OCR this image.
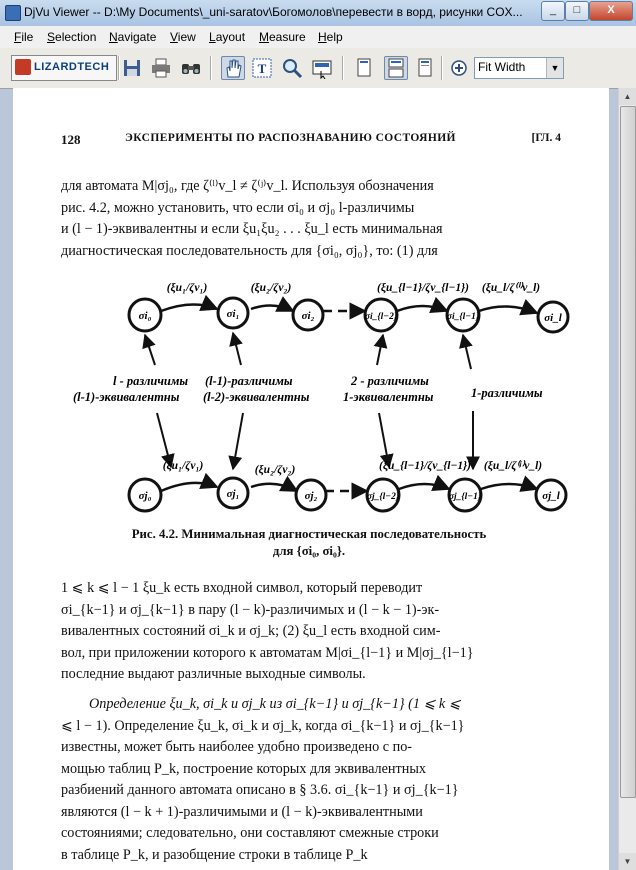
DjVu Viewer -- D:\My Documents\_uni-saratov\Богомолов\перевести в ворд, рисунки COX...	_	□	X
File Selection Navigate View Layout Measure Help
LIZARDTECH	T	Fit Width	▼
128	ЭКСПЕРИМЕНТЫ ПО РАСПОЗНАВАНИЮ СОСТОЯНИЙ	[ГЛ. 4
для автомата M|σj₀, где ζ⁽ˡ⁾v_l ≠ ζ⁽ʲ⁾v_l. Используя обозначения
рис. 4.2, можно установить, что если σi₀ и σj₀ l-различимы
и (l − 1)-эквивалентны и если ξu₁ξu₂ . . . ξu_l есть минимальная
диагностическая последовательность для {σi₀, σj₀}, то: (1) для
(ξu₁/ζv₁)	(ξu₂/ζv₂)	(ξu_{l−1}/ζv_{l−1}) (ξu_l/ζ⁽ⁱ⁾v_l)
σi₀	σi₁	σi₂	σi_{l−2}	σi_{l−1}	σi_l
l - различимы
(l-1)-эквивалентны
(l-1)-различимы
(l-2)-эквивалентны
2 - различимы
1-эквивалентны	1-различимы
(ξu₁/ζv₁)	(ξu₂/ζv₂)	(ξu_{l−1}/ζv_{l−1}) (ξu_l/ζ⁽ʲ⁾v_l)
σj₀	σj₁	σj₂	σj_{l−2}	σj_{l−1}	σj_l
Рис. 4.2. Минимальная диагностическая последовательность
для {σi₀, σi₀}.
1 ⩽ k ⩽ l − 1 ξu_k есть входной символ, который переводит
σi_{k−1} и σj_{k−1} в пару (l − k)-различимых и (l − k − 1)-эк-
вивалентных состояний σi_k и σj_k; (2) ξu_l есть входной сим-
вол, при приложении которого к автоматам M|σi_{l−1} и M|σj_{l−1}
последние выдают различные выходные символы.
Определение ξu_k, σi_k и σj_k из σi_{k−1} и σj_{k−1} (1 ⩽ k ⩽
⩽ l − 1). Определение ξu_k, σi_k и σj_k, когда σi_{k−1} и σj_{k−1}
известны, может быть наиболее удобно произведено с по-
мощью таблиц P_k, построение которых для эквивалентных
разбиений данного автомата описано в § 3.6. σi_{k−1} и σj_{k−1}
являются (l − k + 1)-различимыми и (l − k)-эквивалентными
состояниями; следовательно, они составляют смежные строки
в таблице P_k, и разобщение строки в таблице P_k
▲
▼
